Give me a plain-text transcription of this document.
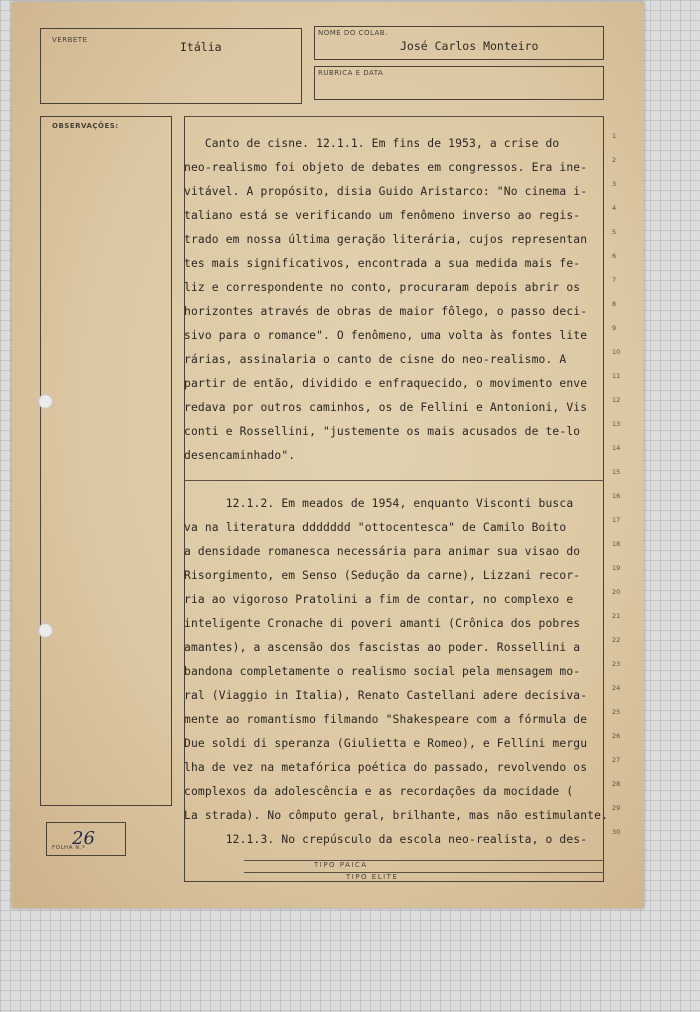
VERBETE	Itália
NOME DO COLAB.
José Carlos Monteiro
RUBRICA E DATA
OBSERVAÇÕES:
FOLHA N.º
26
Canto de cisne. 12.1.1. Em fins de 1953, a crise do
neo-realismo foi objeto de debates em congressos. Era ine-
vitável. A propósito, disia Guido Aristarco: "No cinema i-
taliano está se verificando um fenômeno inverso ao regis-
trado em nossa última geração literária, cujos representan
tes mais significativos, encontrada a sua medida mais fe-
liz e correspondente no conto, procuraram depois abrir os
horizontes através de obras de maior fôlego, o passo deci-
sivo para o romance". O fenômeno, uma volta às fontes lite
rárias, assinalaria o canto de cisne do neo-realismo. A
partir de então, dividido e enfraquecido, o movimento enve
redava por outros caminhos, os de Fellini e Antonioni, Vis
conti e Rossellini, "justemente os mais acusados de te-lo
desencaminhado".
12.1.2. Em meados de 1954, enquanto Visconti busca
va na literatura ddddddd "ottocentesca" de Camilo Boito
a densidade romanesca necessária para animar sua visao do
Risorgimento, em Senso (Sedução da carne), Lizzani recor-
ria ao vigoroso Pratolini a fim de contar, no complexo e
inteligente Cronache di poveri amanti (Crônica dos pobres
amantes), a ascensão dos fascistas ao poder. Rossellini a
bandona completamente o realismo social pela mensagem mo-
ral (Viaggio in Italia), Renato Castellani adere decisiva-
mente ao romantismo filmando "Shakespeare com a fórmula de
Due soldi di speranza (Giulietta e Romeo), e Fellini mergu
lha de vez na metafórica poética do passado, revolvendo os
complexos da adolescência e as recordações da mocidade (
La strada). No cômputo geral, brilhante, mas não estimulante.
12.1.3. No crepúsculo da escola neo-realista, o des-
TIPO PAICA
TIPO ELITE
1
2
3
4
5
6
7
8
9
10
11
12
13
14
15
16
17
18
19
20
21
22
23
24
25
26
27
28
29
30
